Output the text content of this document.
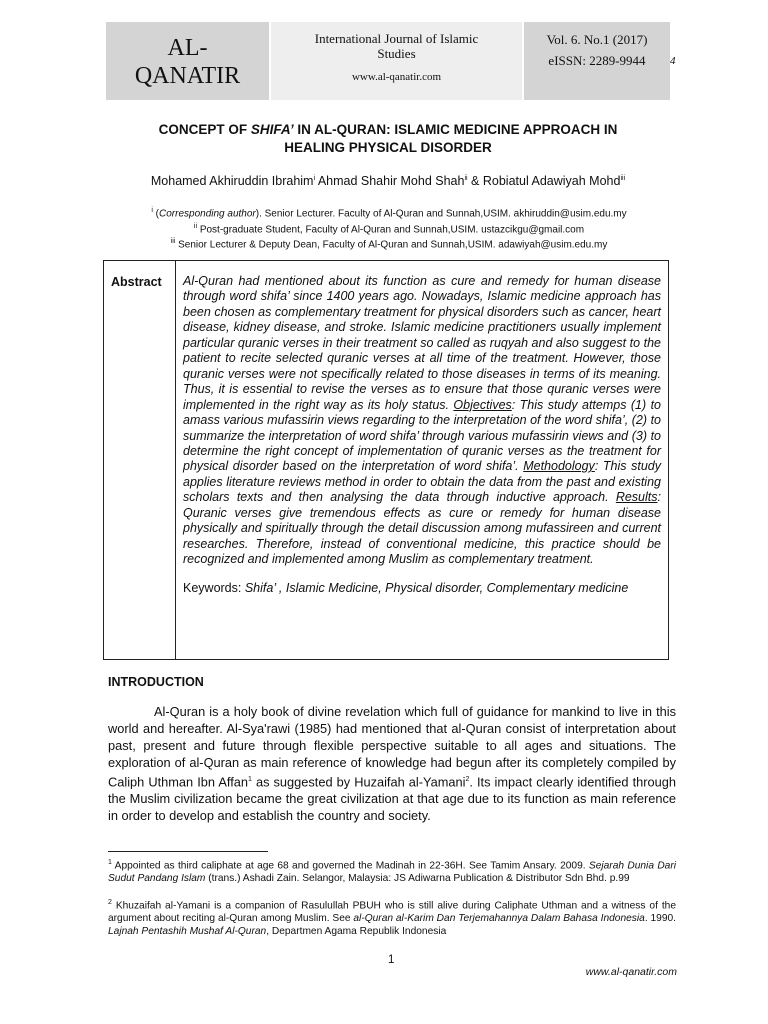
AL-
QANATIR
International Journal of Islamic
Studies
www.al-qanatir.com
Vol. 6. No.1 (2017)
eISSN: 2289-9944	4
CONCEPT OF SHIFA’ IN AL-QURAN: ISLAMIC MEDICINE APPROACH IN
HEALING PHYSICAL DISORDER
Mohamed Akhiruddin Ibrahim$^i$ Ahmad Shahir Mohd Shah$^{ii}$ & Robiatul Adawiyah Mohd$^{iii}$
$^i$ (Corresponding author). Senior Lecturer. Faculty of Al-Quran and Sunnah,USIM. akhiruddin@usim.edu.my
$^{ii}$ Post-graduate Student, Faculty of Al-Quran and Sunnah,USIM. ustazcikgu@gmail.com
$^{iii}$ Senior Lecturer & Deputy Dean, Faculty of Al-Quran and Sunnah,USIM. adawiyah@usim.edu.my
Abstract	Al-Quran had mentioned about its function as cure and remedy for human disease through word shifa’ since 1400 years ago. Nowadays, Islamic medicine approach has been chosen as complementary treatment for physical disorders such as cancer, heart disease, kidney disease, and stroke. Islamic medicine practitioners usually implement particular quranic verses in their treatment so called as ruqyah and also suggest to the patient to recite selected quranic verses at all time of the treatment. However, those quranic verses were not specifically related to those diseases in terms of its meaning. Thus, it is essential to revise the verses as to ensure that those quranic verses were implemented in the right way as its holy status. Objectives: This study attemps (1) to amass various mufassirin views regarding to the interpretation of the word shifa’, (2) to summarize the interpretation of word shifa’ through various mufassirin views and (3) to determine the right concept of implementation of quranic verses as the treatment for physical disorder based on the interpretation of word shifa’. Methodology: This study applies literature reviews method in order to obtain the data from the past and existing scholars texts and then analysing the data through inductive approach. Results: Quranic verses give tremendous effects as cure or remedy for human disease physically and spiritually through the detail discussion among mufassireen and current researches. Therefore, instead of conventional medicine, this practice should be recognized and implemented among Muslim as complementary treatment.
Keywords: Shifa’ , Islamic Medicine, Physical disorder, Complementary medicine
INTRODUCTION
Al-Quran is a holy book of divine revelation which full of guidance for mankind to live in this world and hereafter. Al-Sya'rawi (1985) had mentioned that al-Quran consist of interpretation about past, present and future through flexible perspective suitable to all ages and situations. The exploration of al-Quran as main reference of knowledge had begun after its completely compiled by Caliph Uthman Ibn Affan$^1$ as suggested by Huzaifah al-Yamani$^2$. Its impact clearly identified through the Muslim civilization became the great civilization at that age due to its function as main reference in order to develop and establish the country and society.
$^1$ Appointed as third caliphate at age 68 and governed the Madinah in 22-36H. See Tamim Ansary. 2009. Sejarah Dunia Dari Sudut Pandang Islam (trans.) Ashadi Zain. Selangor, Malaysia: JS Adiwarna Publication & Distributor Sdn Bhd. p.99
$^2$ Khuzaifah al-Yamani is a companion of Rasulullah PBUH who is still alive during Caliphate Uthman and a witness of the argument about reciting al-Quran among Muslim. See al-Quran al-Karim Dan Terjemahannya Dalam Bahasa Indonesia. 1990. Lajnah Pentashih Mushaf Al-Quran, Departmen Agama Republik Indonesia
1
www.al-qanatir.com
